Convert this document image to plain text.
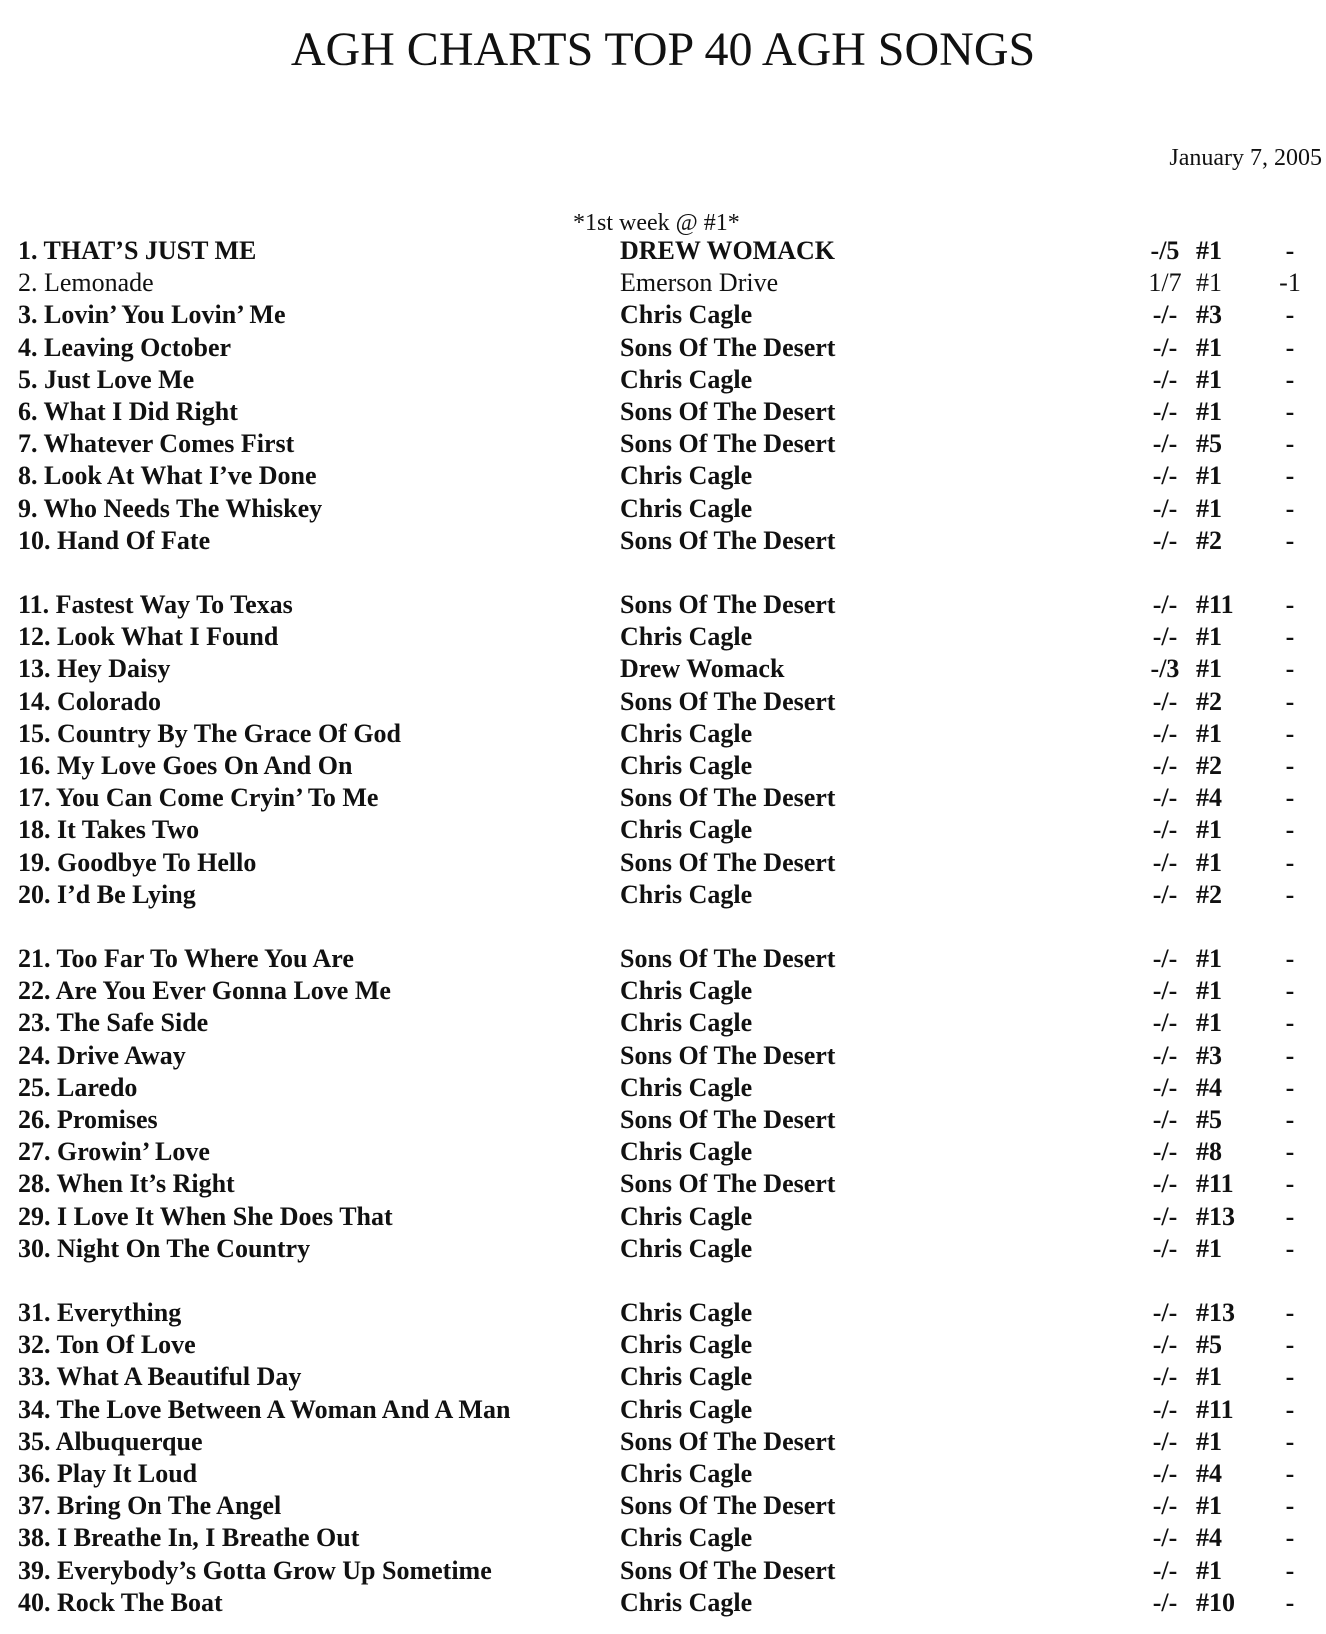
AGH CHARTS TOP 40 AGH SONGS
January 7, 2005
*1st week @ #1*
1. THAT’S JUST ME	DREW WOMACK	-/5 #1	-
2. Lemonade	Emerson Drive	1/7 #1	-1
3. Lovin’ You Lovin’ Me	Chris Cagle	-/- #3	-
4. Leaving October	Sons Of The Desert	-/- #1	-
5. Just Love Me	Chris Cagle	-/- #1	-
6. What I Did Right	Sons Of The Desert	-/- #1	-
7. Whatever Comes First	Sons Of The Desert	-/- #5	-
8. Look At What I’ve Done	Chris Cagle	-/- #1	-
9. Who Needs The Whiskey	Chris Cagle	-/- #1	-
10. Hand Of Fate	Sons Of The Desert	-/- #2	-
11. Fastest Way To Texas	Sons Of The Desert	-/- #11	-
12. Look What I Found	Chris Cagle	-/- #1	-
13. Hey Daisy	Drew Womack	-/3 #1	-
14. Colorado	Sons Of The Desert	-/- #2	-
15. Country By The Grace Of God	Chris Cagle	-/- #1	-
16. My Love Goes On And On	Chris Cagle	-/- #2	-
17. You Can Come Cryin’ To Me	Sons Of The Desert	-/- #4	-
18. It Takes Two	Chris Cagle	-/- #1	-
19. Goodbye To Hello	Sons Of The Desert	-/- #1	-
20. I’d Be Lying	Chris Cagle	-/- #2	-
21. Too Far To Where You Are	Sons Of The Desert	-/- #1	-
22. Are You Ever Gonna Love Me	Chris Cagle	-/- #1	-
23. The Safe Side	Chris Cagle	-/- #1	-
24. Drive Away	Sons Of The Desert	-/- #3	-
25. Laredo	Chris Cagle	-/- #4	-
26. Promises	Sons Of The Desert	-/- #5	-
27. Growin’ Love	Chris Cagle	-/- #8	-
28. When It’s Right	Sons Of The Desert	-/- #11	-
29. I Love It When She Does That	Chris Cagle	-/- #13	-
30. Night On The Country	Chris Cagle	-/- #1	-
31. Everything	Chris Cagle	-/- #13	-
32. Ton Of Love	Chris Cagle	-/- #5	-
33. What A Beautiful Day	Chris Cagle	-/- #1	-
34. The Love Between A Woman And A Man	Chris Cagle	-/- #11	-
35. Albuquerque	Sons Of The Desert	-/- #1	-
36. Play It Loud	Chris Cagle	-/- #4	-
37. Bring On The Angel	Sons Of The Desert	-/- #1	-
38. I Breathe In, I Breathe Out	Chris Cagle	-/- #4	-
39. Everybody’s Gotta Grow Up Sometime	Sons Of The Desert	-/- #1	-
40. Rock The Boat	Chris Cagle	-/- #10	-
